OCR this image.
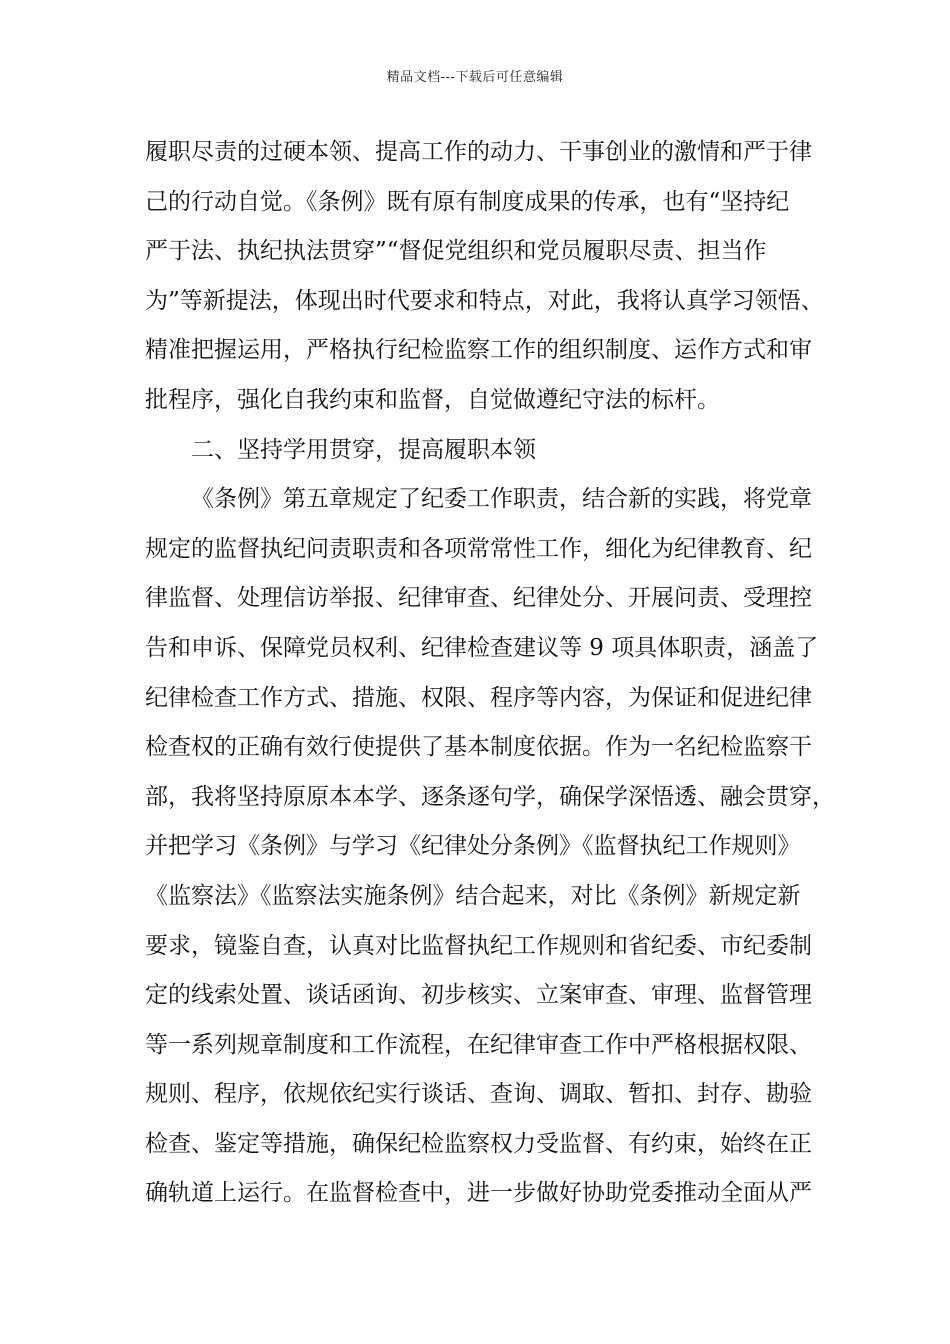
精品文档---下载后可任意编辑
履职尽责的过硬本领、提高工作的动力、干事创业的激情和严于律
己的行动自觉。《条例》既有原有制度成果的传承，也有“坚持纪
严于法、执纪执法贯穿”“督促党组织和党员履职尽责、担当作
为”等新提法，体现出时代要求和特点，对此，我将认真学习领悟、
精准把握运用，严格执行纪检监察工作的组织制度、运作方式和审
批程序，强化自我约束和监督，自觉做遵纪守法的标杆。
二、坚持学用贯穿，提高履职本领
《条例》第五章规定了纪委工作职责，结合新的实践，将党章
规定的监督执纪问责职责和各项常常性工作，细化为纪律教育、纪
律监督、处理信访举报、纪律审查、纪律处分、开展问责、受理控
告和申诉、保障党员权利、纪律检查建议等 9 项具体职责，涵盖了
纪律检查工作方式、措施、权限、程序等内容，为保证和促进纪律
检查权的正确有效行使提供了基本制度依据。作为一名纪检监察干
部，我将坚持原原本本学、逐条逐句学，确保学深悟透、融会贯穿，
并把学习《条例》与学习《纪律处分条例》《监督执纪工作规则》
《监察法》《监察法实施条例》结合起来，对比《条例》新规定新
要求，镜鉴自查，认真对比监督执纪工作规则和省纪委、市纪委制
定的线索处置、谈话函询、初步核实、立案审查、审理、监督管理
等一系列规章制度和工作流程，在纪律审查工作中严格根据权限、
规则、程序，依规依纪实行谈话、查询、调取、暂扣、封存、勘验
检查、鉴定等措施，确保纪检监察权力受监督、有约束，始终在正
确轨道上运行。在监督检查中，进一步做好协助党委推动全面从严
